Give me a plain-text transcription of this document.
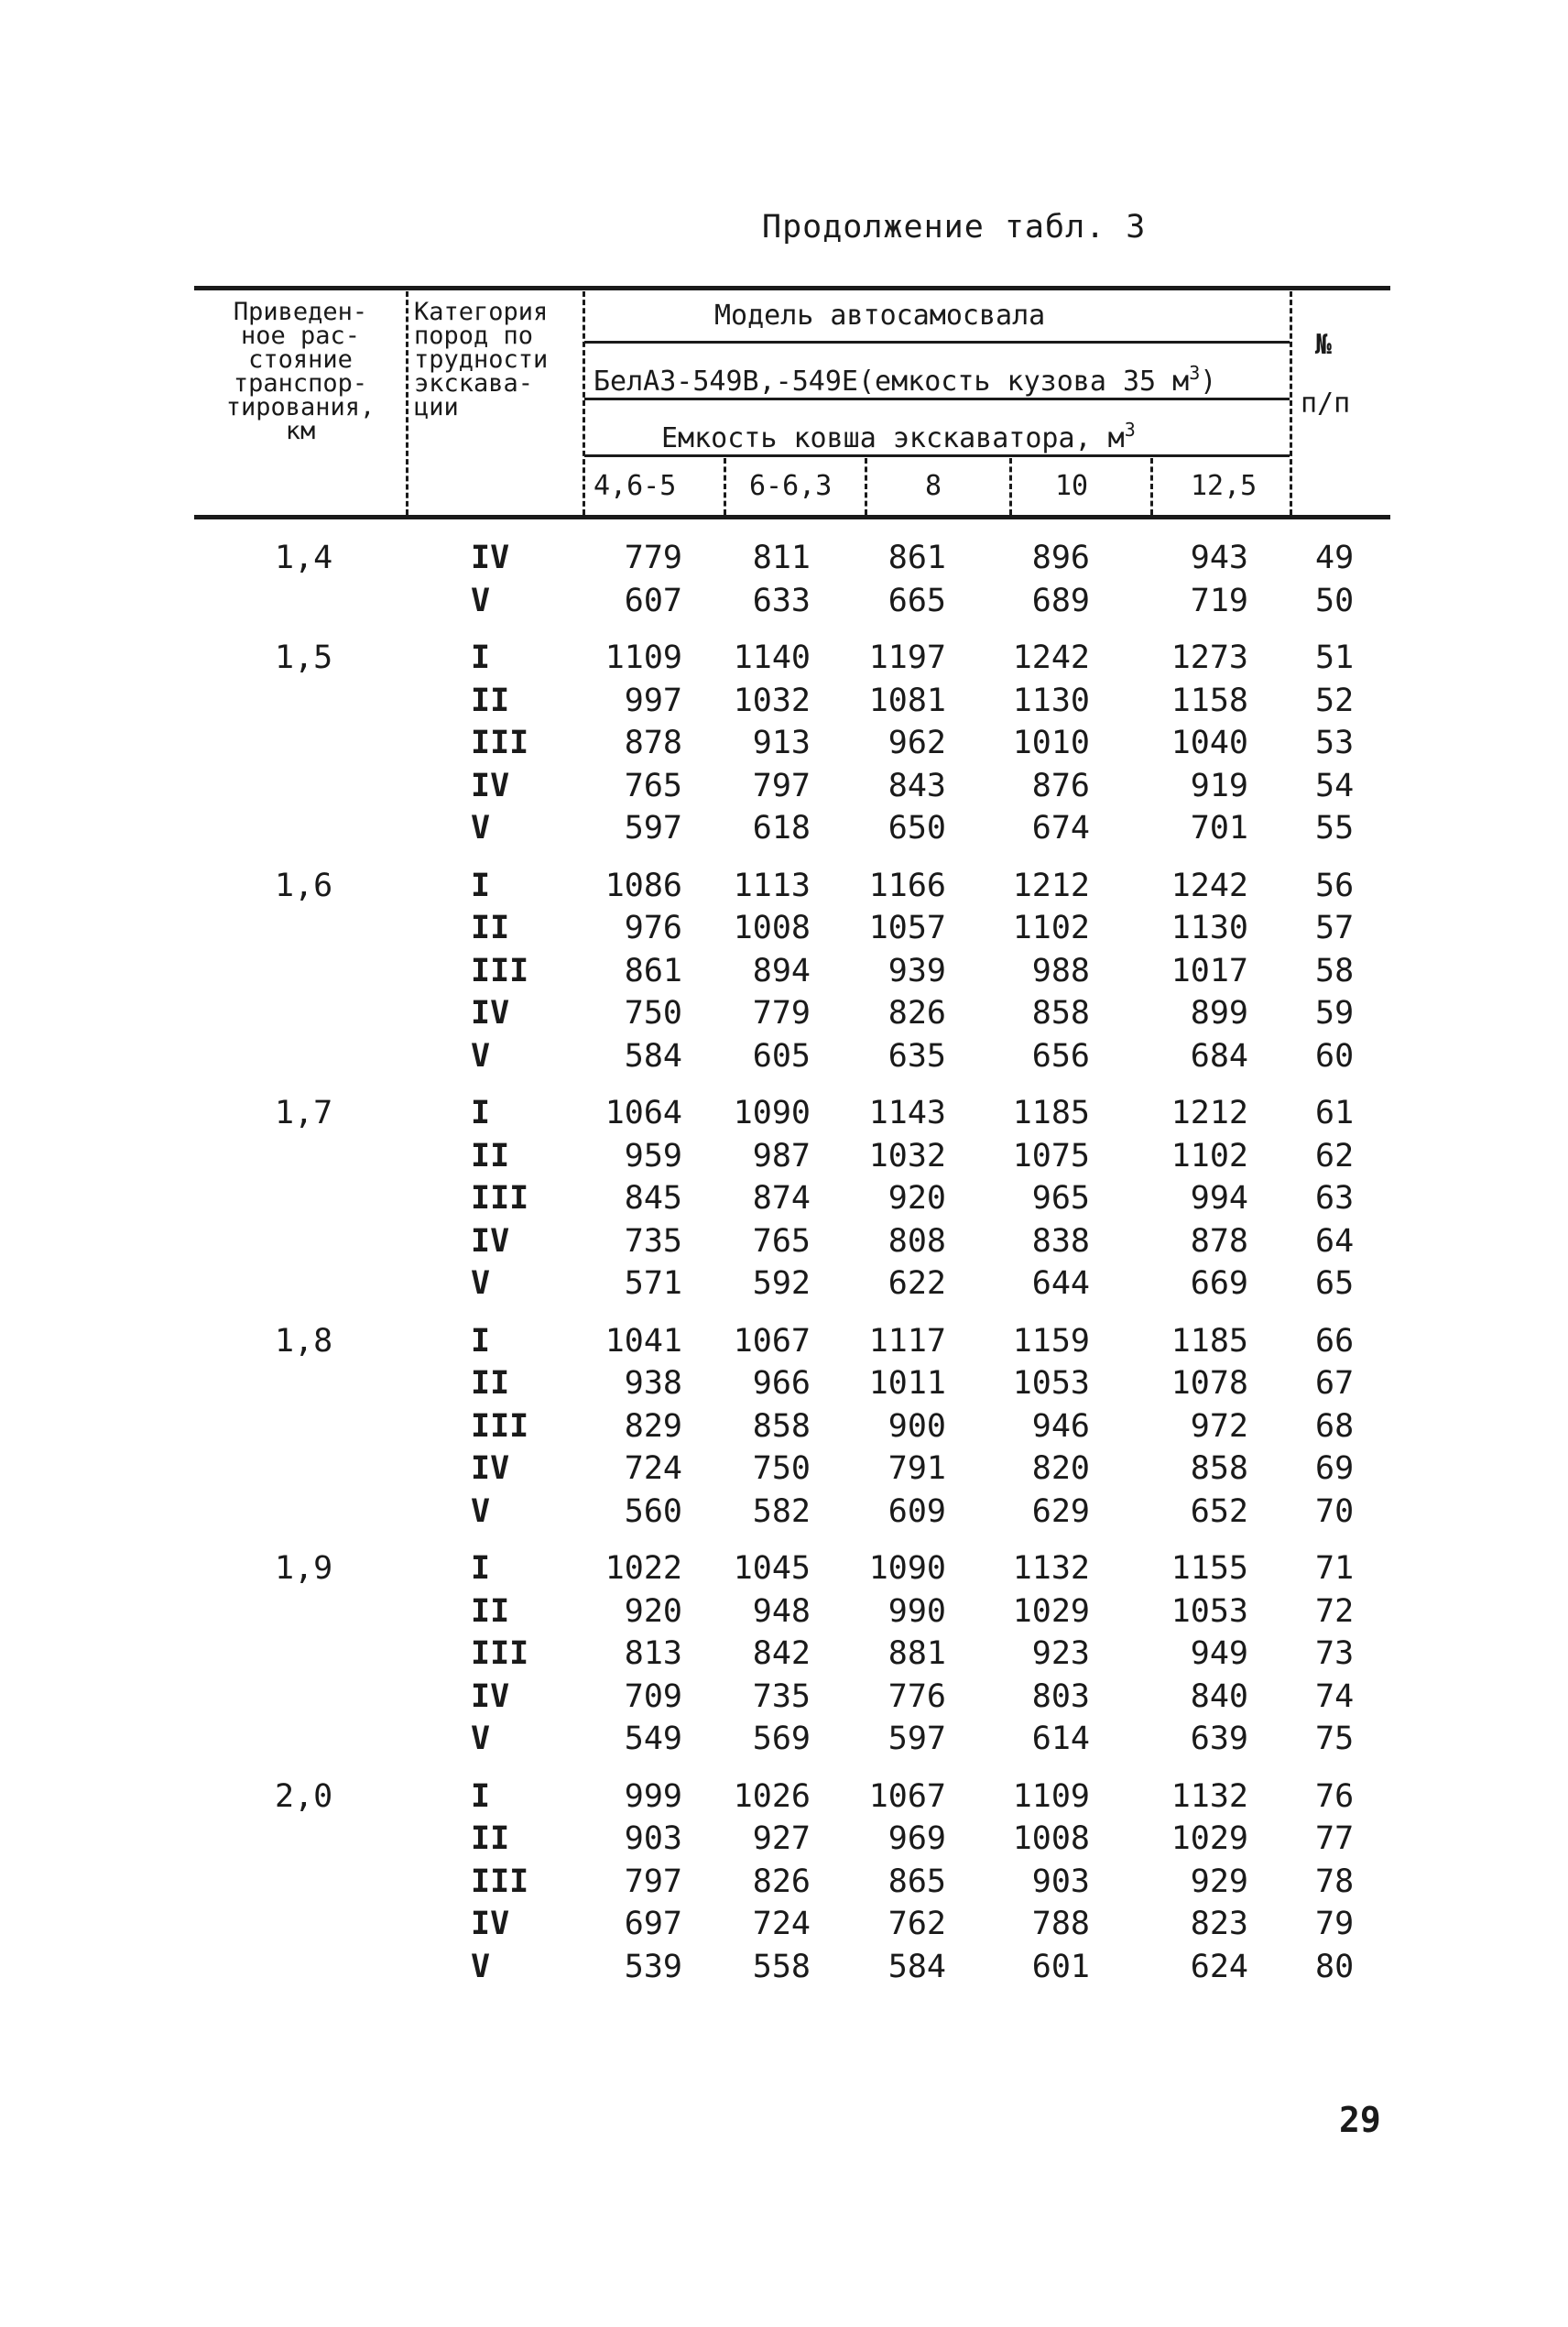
Продолжение табл. 3
Приведен-
ное рас-
стояние
транспор-
тирования,
км
Категория
пород по
трудности
экскава-
ции
Модель автосамосвала
БелАЗ-549В,-549Е(емкость кузова 35 $м^3$)
Емкость ковша экскаватора, $м^3$
4,6-5	6-6,3	8	10	12,5
№
п/п
1,4	IV	779	811	861	896	943 49
V	607	633	665	689	719 50
1,5	I	1109	1140	1197	1242	1273 51
II	997	1032	1081	1130	1158 52
III	878	913	962	1010	1040 53
IV	765	797	843	876	919 54
V	597	618	650	674	701 55
1,6	I	1086	1113	1166	1212	1242 56
II	976	1008	1057	1102	1130 57
III	861	894	939	988	1017 58
IV	750	779	826	858	899 59
V	584	605	635	656	684 60
1,7	I	1064	1090	1143	1185	1212 61
II	959	987	1032	1075	1102 62
III	845	874	920	965	994 63
IV	735	765	808	838	878 64
V	571	592	622	644	669 65
1,8	I	1041	1067	1117	1159	1185 66
II	938	966	1011	1053	1078 67
III	829	858	900	946	972 68
IV	724	750	791	820	858 69
V	560	582	609	629	652 70
1,9	I	1022	1045	1090	1132	1155 71
II	920	948	990	1029	1053 72
III	813	842	881	923	949 73
IV	709	735	776	803	840 74
V	549	569	597	614	639 75
2,0	I	999	1026	1067	1109	1132 76
II	903	927	969	1008	1029 77
III	797	826	865	903	929 78
IV	697	724	762	788	823 79
V	539	558	584	601	624 80
29
